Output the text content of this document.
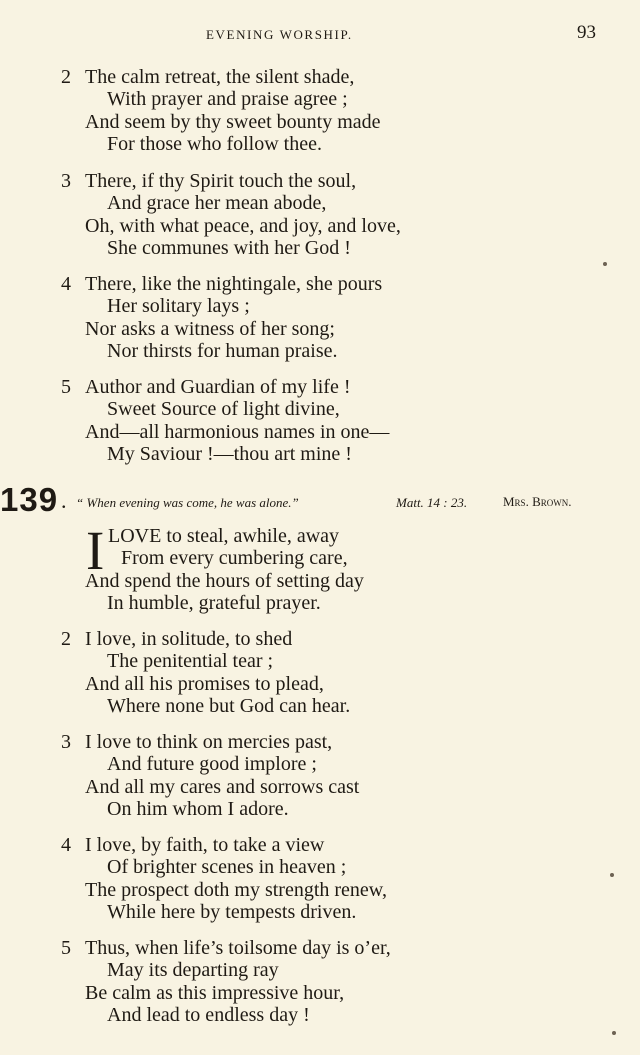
EVENING WORSHIP.	93
2 The calm retreat, the silent shade,
With prayer and praise agree ;
And seem by thy sweet bounty made
For those who follow thee.
3 There, if thy Spirit touch the soul,
And grace her mean abode,
Oh, with what peace, and joy, and love,
She communes with her God !
4 There, like the nightingale, she pours
Her solitary lays ;
Nor asks a witness of her song;
Nor thirsts for human praise.
5 Author and Guardian of my life !
Sweet Source of light divine,
And—all harmonious names in one—
My Saviour !—thou art mine !
139 . “ When evening was come, he was alone.”	Matt. 14 : 23.	Mrs. Brown.
I LOVE to steal, awhile, away
From every cumbering care,
And spend the hours of setting day
In humble, grateful prayer.
2 I love, in solitude, to shed
The penitential tear ;
And all his promises to plead,
Where none but God can hear.
3 I love to think on mercies past,
And future good implore ;
And all my cares and sorrows cast
On him whom I adore.
4 I love, by faith, to take a view
Of brighter scenes in heaven ;
The prospect doth my strength renew,
While here by tempests driven.
5 Thus, when life’s toilsome day is o’er,
May its departing ray
Be calm as this impressive hour,
And lead to endless day !
